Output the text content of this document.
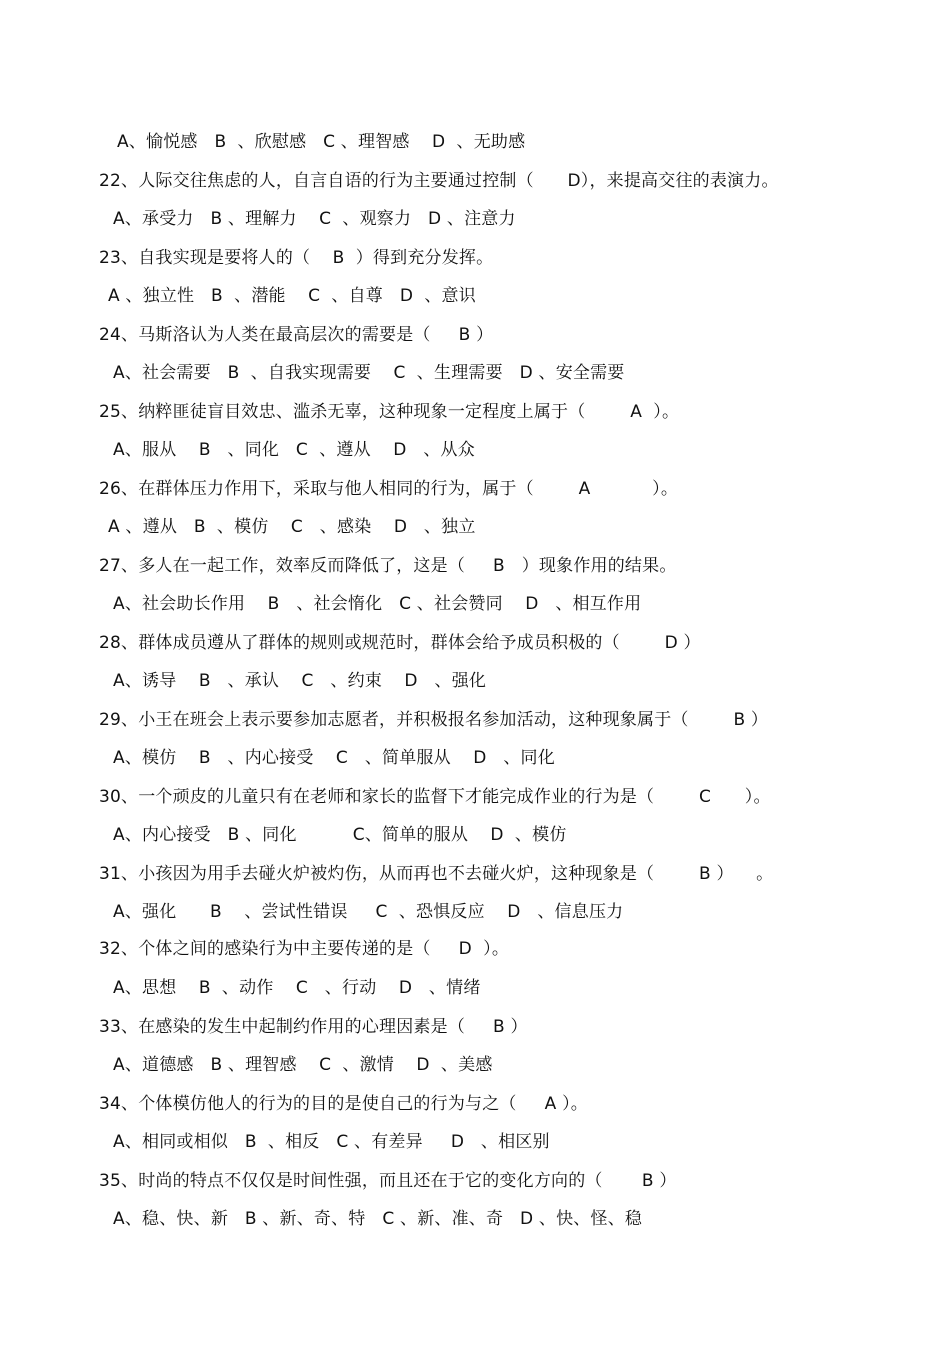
A、愉悦感   B  、欣慰感   C 、理智感    D  、无助感
22、人际交往焦虑的人，自言自语的行为主要通过控制（      D），来提高交往的表演力。
A、承受力   B 、理解力    C  、观察力   D 、注意力
23、自我实现是要将人的（    B  ）得到充分发挥。
A 、独立性   B  、潜能    C  、自尊   D  、意识
24、马斯洛认为人类在最高层次的需要是（     B ）
A、社会需要   B  、自我实现需要    C  、生理需要   D 、安全需要
25、纳粹匪徒盲目效忠、滥杀无辜，这种现象一定程度上属于（        A  ）。
A、服从    B   、同化   C  、遵从    D   、从众
26、在群体压力作用下，采取与他人相同的行为，属于（        A           ）。
A 、遵从   B  、模仿    C   、感染    D   、独立
27、多人在一起工作，效率反而降低了，这是（     B   ）现象作用的结果。
A、社会助长作用    B   、社会惰化   C 、社会赞同    D   、相互作用
28、群体成员遵从了群体的规则或规范时，群体会给予成员积极的（        D ）
A、诱导    B   、承认    C   、约束    D   、强化
29、小王在班会上表示要参加志愿者，并积极报名参加活动，这种现象属于（        B ）
A、模仿    B   、内心接受    C   、简单服从    D   、同化
30、一个顽皮的儿童只有在老师和家长的监督下才能完成作业的行为是（        C      ）。
A、内心接受   B 、同化          C、简单的服从    D  、模仿
31、小孩因为用手去碰火炉被灼伤，从而再也不去碰火炉，这种现象是（        B ）    。
A、强化      B    、尝试性错误     C  、恐惧反应    D   、信息压力
32、个体之间的感染行为中主要传递的是（     D  ）。
A、思想    B  、动作    C   、行动    D   、情绪
33、在感染的发生中起制约作用的心理因素是（     B ）
A、道德感   B 、理智感    C  、激情    D  、美感
34、个体模仿他人的行为的目的是使自己的行为与之（     A ）。
A、相同或相似   B  、相反   C 、有差异     D   、相区别
35、时尚的特点不仅仅是时间性强，而且还在于它的变化方向的（       B ）
A、稳、快、新   B 、新、奇、特   C 、新、准、奇   D 、快、怪、稳
